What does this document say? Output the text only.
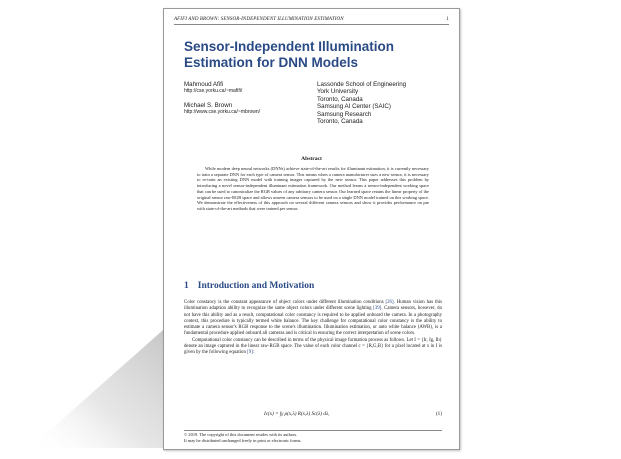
AFIFI AND BROWN: SENSOR-INDEPENDENT ILLUMINATION ESTIMATION	1
Sensor-Independent Illumination Estimation for DNN Models
Mahmoud Afifi
http://cse.yorku.ca/~mafifi/
Michael S. Brown
http://www.cse.yorku.ca/~mbrown/
Lassonde School of Engineering
York University
Toronto, Canada
Samsung AI Center (SAIC)
Samsung Research
Toronto, Canada
Abstract
While modern deep neural networks (DNNs) achieve state-of-the-art results for illuminant estimation, it is currently necessary to train a separate DNN for each type of camera sensor. This means when a camera manufacturer uses a new sensor, it is necessary to re-train an existing DNN model with training images captured by the new sensor. This paper addresses this problem by introducing a novel sensor-independent illuminant estimation framework. Our method learns a sensor-independent working space that can be used to canonicalize the RGB values of any arbitrary camera sensor. Our learned space retains the linear property of the original sensor raw-RGB space and allows unseen camera sensors to be used on a single DNN model trained on this working space. We demonstrate the effectiveness of this approach on several different camera sensors and show it provides performance on par with state-of-the-art methods that were trained per sensor.
1 Introduction and Motivation

Color constancy is the constant appearance of object colors under different illumination conditions [26]. Human vision has this illumination adaption ability to recognize the same object colors under different scene lighting [39]. Camera sensors, however, do not have this ability and as a result, computational color constancy is required to be applied onboard the camera. In a photography context, this procedure is typically termed white balance. The key challenge for computational color constancy is the ability to estimate a camera sensor's RGB response to the scene's illumination. Illumination estimation, or auto white balance (AWB), is a fundamental procedure applied onboard all cameras and is critical in ensuring the correct interpretation of scene colors.

Computational color constancy can be described in terms of the physical image formation process as follows. Let I = {Ir, Ig, Ib} denote an image captured in the linear raw-RGB space. The value of each color channel c = {R,G,B} for a pixel located at x in I is given by the following equation [9]:

Ic(x) = ∫γ ρ(x,λ) R(x,λ) Sc(λ) dλ,	(1)
© 2019. The copyright of this document resides with its authors.
It may be distributed unchanged freely in print or electronic forms.
